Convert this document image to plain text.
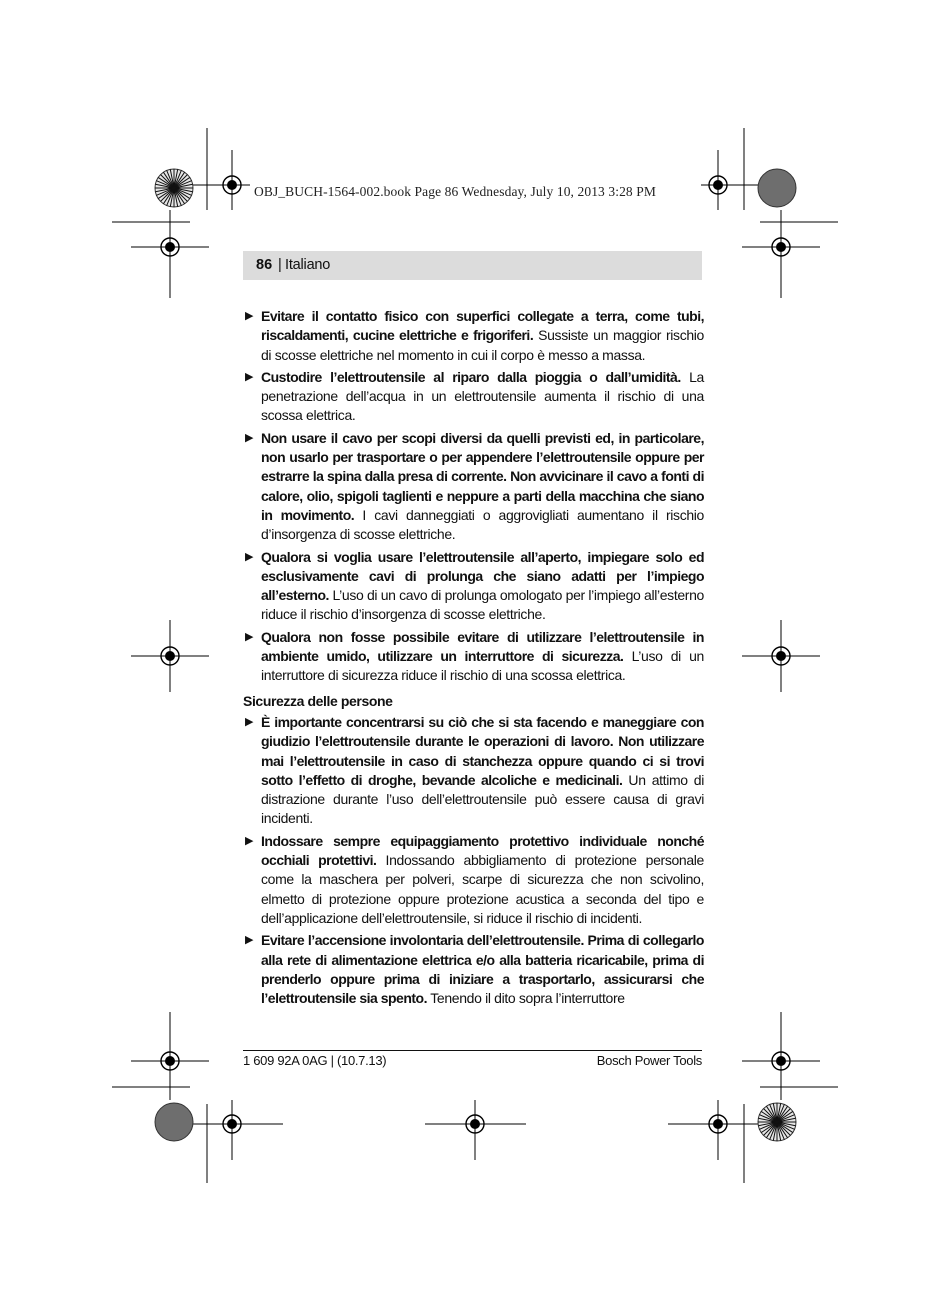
OBJ_BUCH-1564-002.book Page 86 Wednesday, July 10, 2013 3:28 PM
86 | Italiano
▶ Evitare il contatto fisico con superfici collegate a terra, come tubi, riscaldamenti, cucine elettriche e frigoriferi. Sussiste un maggior rischio di scosse elettriche nel momento in cui il corpo è messo a massa.
▶ Custodire l’elettroutensile al riparo dalla pioggia o dall’umidità. La penetrazione dell’acqua in un elettroutensile aumenta il rischio di una scossa elettrica.
▶ Non usare il cavo per scopi diversi da quelli previsti ed, in particolare, non usarlo per trasportare o per appendere l’elettroutensile oppure per estrarre la spina dalla presa di corrente. Non avvicinare il cavo a fonti di calore, olio, spigoli taglienti e neppure a parti della macchina che siano in movimento. I cavi danneggiati o aggrovigliati aumentano il rischio d’insorgenza di scosse elettriche.
▶ Qualora si voglia usare l’elettroutensile all’aperto, impiegare solo ed esclusivamente cavi di prolunga che siano adatti per l’impiego all’esterno. L’uso di un cavo di prolunga omologato per l’impiego all’esterno riduce il rischio d’insorgenza di scosse elettriche.
▶ Qualora non fosse possibile evitare di utilizzare l’elettroutensile in ambiente umido, utilizzare un interruttore di sicurezza. L’uso di un interruttore di sicurezza riduce il rischio di una scossa elettrica.
Sicurezza delle persone
▶ È importante concentrarsi su ciò che si sta facendo e maneggiare con giudizio l’elettroutensile durante le operazioni di lavoro. Non utilizzare mai l’elettroutensile in caso di stanchezza oppure quando ci si trovi sotto l’effetto di droghe, bevande alcoliche e medicinali. Un attimo di distrazione durante l’uso dell’elettroutensile può essere causa di gravi incidenti.
▶ Indossare sempre equipaggiamento protettivo individuale nonché occhiali protettivi. Indossando abbigliamento di protezione personale come la maschera per polveri, scarpe di sicurezza che non scivolino, elmetto di protezione oppure protezione acustica a seconda del tipo e dell’applicazione dell’elettroutensile, si riduce il rischio di incidenti.
▶ Evitare l’accensione involontaria dell’elettroutensile. Prima di collegarlo alla rete di alimentazione elettrica e/o alla batteria ricaricabile, prima di prenderlo oppure prima di iniziare a trasportarlo, assicurarsi che l’elettroutensile sia spento. Tenendo il dito sopra l’interruttore
1 609 92A 0AG | (10.7.13)	Bosch Power Tools
